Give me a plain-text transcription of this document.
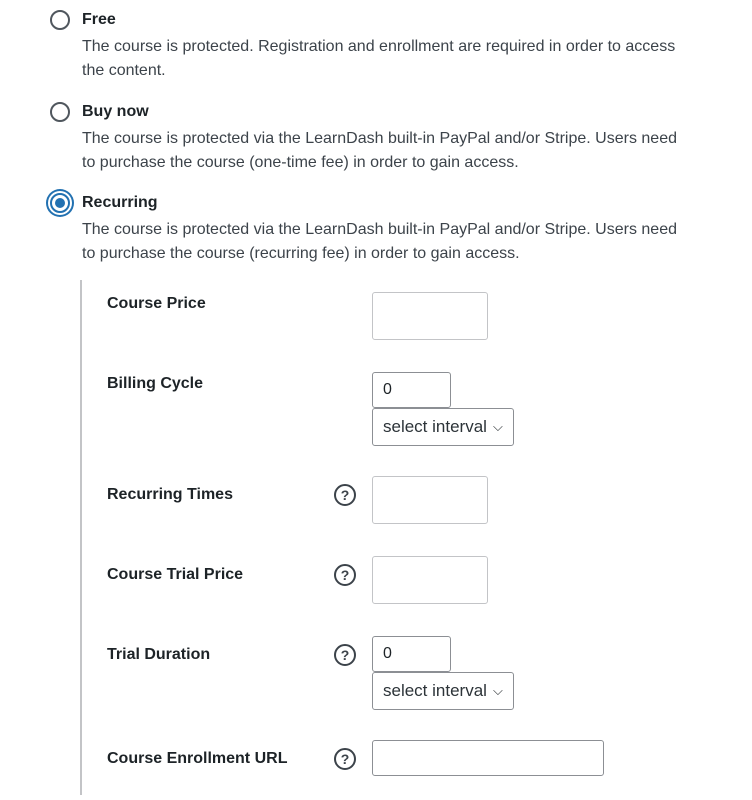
Free
The course is protected. Registration and enrollment are required in order to access the content.
Buy now
The course is protected via the LearnDash built-in PayPal and/or Stripe. Users need to purchase the course (one-time fee) in order to gain access.
Recurring
The course is protected via the LearnDash built-in PayPal and/or Stripe. Users need to purchase the course (recurring fee) in order to gain access.
Course Price
Billing Cycle
0
select interval ⌵
Recurring Times	?
Course Trial Price	?
Trial Duration	?
0
select interval ⌵
Course Enrollment URL	?
